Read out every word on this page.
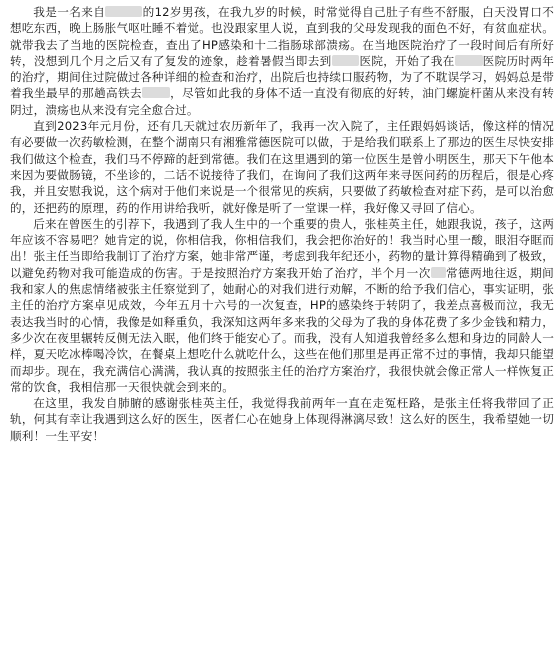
我是一名来自	的12岁男孩，在我九岁的时候，时常觉得自己肚子有些不舒服，白天没胃口不想吃东西，晚上肠胀气呕吐睡不着觉。也没跟家里人说，直到我的父母发现我的面色不好，有贫血症状。就带我去了当地的医院检查，查出了HP感染和十二指肠球部溃疡。在当地医院治疗了一段时间后有所好转，没想到几个月之后又有了复发的迹象，趁着暑假当即去到 医院，开始了我在 医院历时两年的治疗，期间住过院做过各种详细的检查和治疗，出院后也持续口服药物，为了不耽误学习，妈妈总是带着我坐最早的那趟高铁去 ，尽管如此我的身体不适一直没有彻底的好转，油门螺旋杆菌从来没有转阴过，溃疡也从来没有完全愈合过。

直到2023年元月份，还有几天就过农历新年了，我再一次入院了，主任跟妈妈谈话，像这样的情况有必要做一次药敏检测，在整个湖南只有湘雅常德医院可以做，于是给我们联系上了那边的医生尽快安排我们做这个检查，我们马不停蹄的赶到常德。我们在这里遇到的第一位医生是曾小明医生，那天下午他本来因为要做肠镜，不坐诊的，二话不说接待了我们，在询问了我们这两年来寻医问药的历程后，很是心疼我，并且安慰我说，这个病对于他们来说是一个很常见的疾病，只要做了药敏检查对症下药，是可以治愈的，还把药的原理，药的作用讲给我听，就好像是听了一堂课一样，我好像又寻回了信心。

后来在曾医生的引荐下，我遇到了我人生中的一个重要的贵人，张桂英主任，她跟我说，孩子，这两年应该不容易吧？她肯定的说，你相信我，你相信我们，我会把你治好的！我当时心里一酸，眼泪夺眶而出！张主任当即给我制订了治疗方案，她非常严谨，考虑到我年纪还小，药物的量计算得精确到了极致，以避免药物对我可能造成的伤害。于是按照治疗方案我开始了治疗，半个月一次 常德两地往返，期间我和家人的焦虑情绪被张主任察觉到了，她耐心的对我们进行劝解，不断的给予我们信心，事实证明，张主任的治疗方案卓见成效，今年五月十六号的一次复查，HP的感染终于转阴了，我差点喜极而泣，我无表达我当时的心情，我像是如释重负，我深知这两年多来我的父母为了我的身体花费了多少金钱和精力，多少次在夜里辗转反侧无法入眠，他们终于能安心了。而我，没有人知道我曾经多么想和身边的同龄人一样，夏天吃冰棒喝冷饮，在餐桌上想吃什么就吃什么，这些在他们那里是再正常不过的事情，我却只能望而却步。现在，我充满信心满满，我认真的按照张主任的治疗方案治疗，我很快就会像正常人一样恢复正常的饮食，我相信那一天很快就会到来的。

在这里，我发自肺腑的感谢张桂英主任，我觉得我前两年一直在走冤枉路，是张主任将我带回了正轨，何其有幸让我遇到这么好的医生，医者仁心在她身上体现得淋漓尽致！这么好的医生，我希望她一切顺利！一生平安！
